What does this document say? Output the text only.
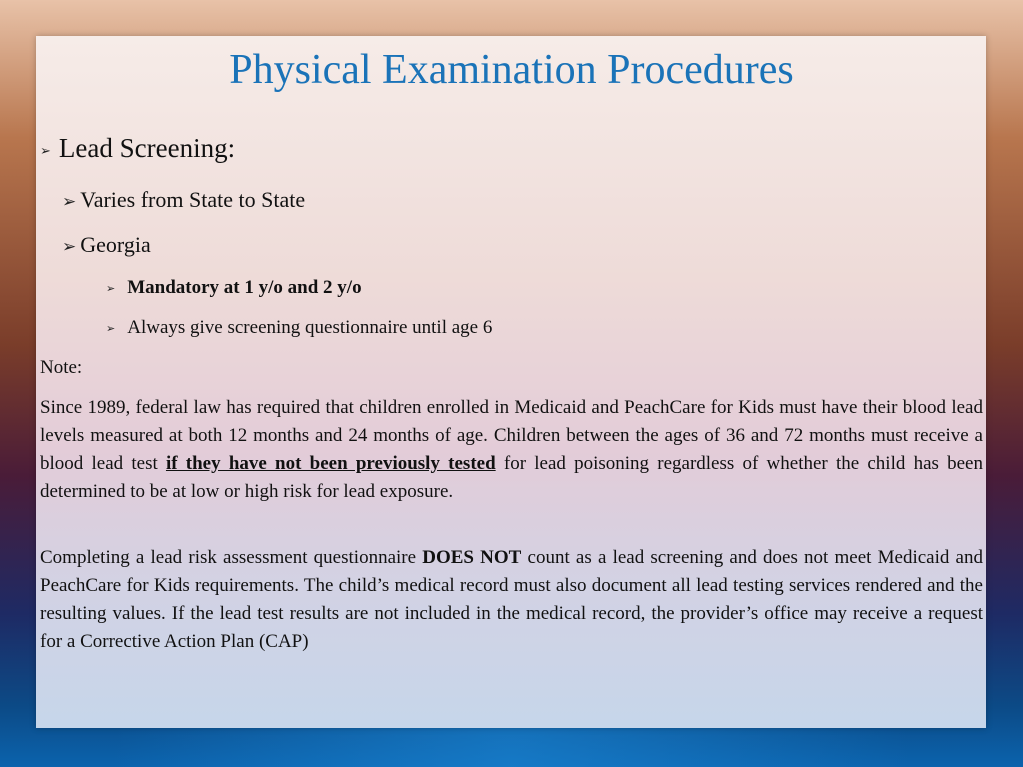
Physical Examination Procedures
➢ Lead Screening:
➢ Varies from State to State
➢ Georgia
➢ Mandatory at 1 y/o and 2 y/o
➢ Always give screening questionnaire until age 6
Note:

Since 1989, federal law has required that children enrolled in Medicaid and PeachCare for Kids must have their blood lead levels measured at both 12 months and 24 months of age. Children between the ages of 36 and 72 months must receive a blood lead test if they have not been previously tested for lead poisoning regardless of whether the child has been determined to be at low or high risk for lead exposure.

Completing a lead risk assessment questionnaire DOES NOT count as a lead screening and does not meet Medicaid and PeachCare for Kids requirements. The child’s medical record must also document all lead testing services rendered and the resulting values. If the lead test results are not included in the medical record, the provider’s office may receive a request for a Corrective Action Plan (CAP)
